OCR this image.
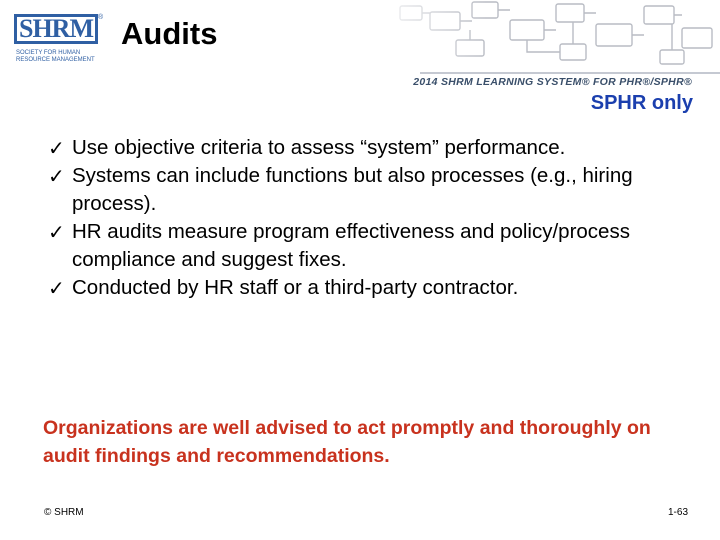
SHRM ®
SOCIETY FOR HUMAN RESOURCE MANAGEMENT
Audits
2014 SHRM LEARNING SYSTEM® FOR PHR®/SPHR®
SPHR only
✓ Use objective criteria to assess “system” performance.
✓ Systems can include functions but also processes (e.g., hiring process).
✓ HR audits measure program effectiveness and policy/process compliance and suggest fixes.
✓ Conducted by HR staff or a third-party contractor.
Organizations are well advised to act promptly and thoroughly on audit findings and recommendations.
© SHRM	1-63
